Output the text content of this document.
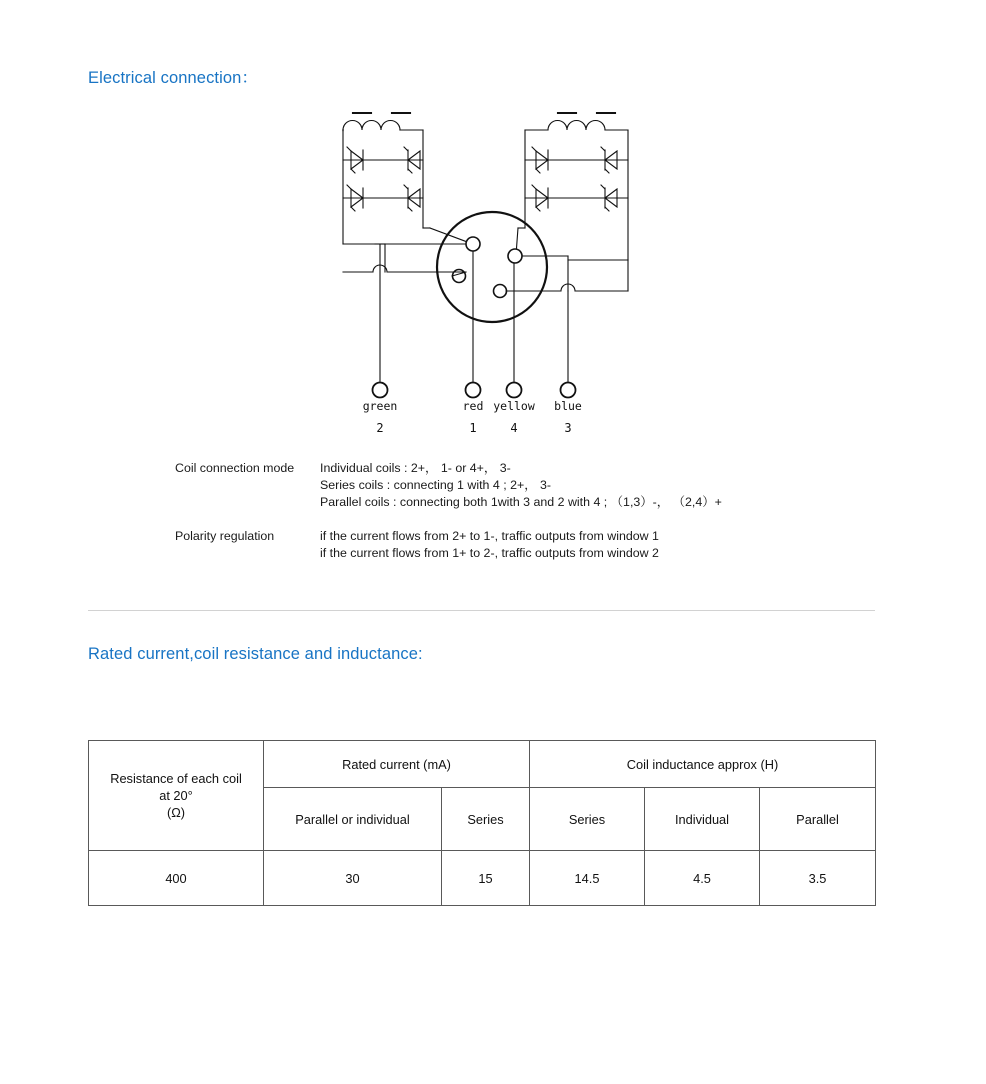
Electrical connection：
green	red yellow blue
2	1	4	3
Coil connection mode	Individual coils : 2+， 1- or 4+， 3-
Series coils : connecting 1 with 4 ; 2+， 3-
Parallel coils : connecting both 1with 3 and 2 with 4 ; （1,3）-， （2,4）+
Polarity regulation	if the current flows from 2+ to 1-, traffic outputs from window 1
if the current flows from 1+ to 2-, traffic outputs from window 2
Rated current,coil resistance and inductance:
Resistance of each coil
at 20°
(Ω)	Rated current (mA)		Coil inductance approx (H)		
	Parallel or individual	Series	Series	Individual	Parallel
400	30	15	14.5	4.5	3.5
